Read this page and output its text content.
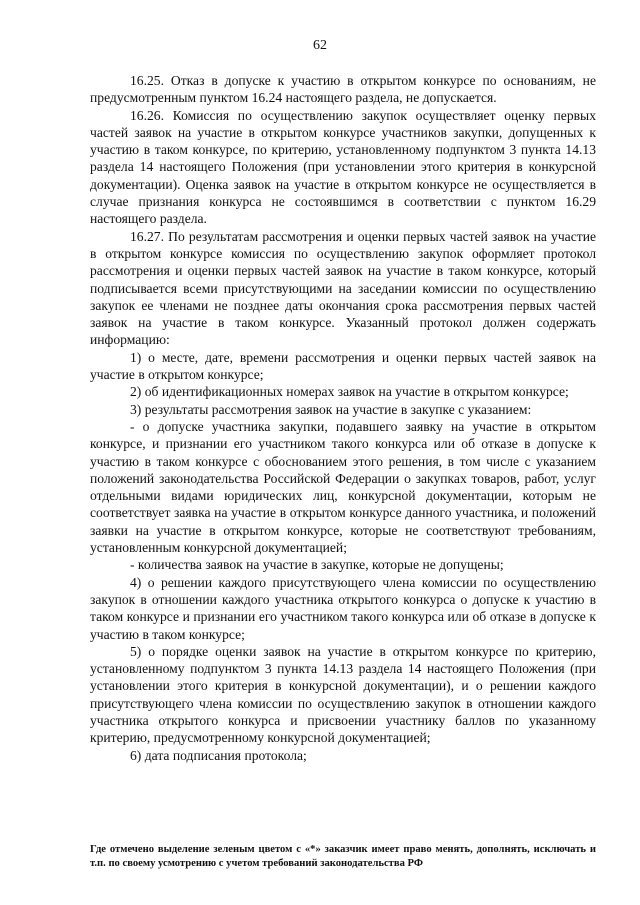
62

16.25. Отказ в допуске к участию в открытом конкурсе по основаниям, не предусмотренным пунктом 16.24 настоящего раздела, не допускается.

16.26. Комиссия по осуществлению закупок осуществляет оценку первых частей заявок на участие в открытом конкурсе участников закупки, допущенных к участию в таком конкурсе, по критерию, установленному подпунктом 3 пункта 14.13 раздела 14 настоящего Положения (при установлении этого критерия в конкурсной документации). Оценка заявок на участие в открытом конкурсе не осуществляется в случае признания конкурса не состоявшимся в соответствии с пунктом 16.29 настоящего раздела.

16.27. По результатам рассмотрения и оценки первых частей заявок на участие в открытом конкурсе комиссия по осуществлению закупок оформляет протокол рассмотрения и оценки первых частей заявок на участие в таком конкурсе, который подписывается всеми присутствующими на заседании комиссии по осуществлению закупок ее членами не позднее даты окончания срока рассмотрения первых частей заявок на участие в таком конкурсе. Указанный протокол должен содержать информацию:

1) о месте, дате, времени рассмотрения и оценки первых частей заявок на участие в открытом конкурсе;

2) об идентификационных номерах заявок на участие в открытом конкурсе;

3) результаты рассмотрения заявок на участие в закупке с указанием:

- о допуске участника закупки, подавшего заявку на участие в открытом конкурсе, и признании его участником такого конкурса или об отказе в допуске к участию в таком конкурсе с обоснованием этого решения, в том числе с указанием положений законодательства Российской Федерации о закупках товаров, работ, услуг отдельными видами юридических лиц, конкурсной документации, которым не соответствует заявка на участие в открытом конкурсе данного участника, и положений заявки на участие в открытом конкурсе, которые не соответствуют требованиям, установленным конкурсной документацией;

- количества заявок на участие в закупке, которые не допущены;

4) о решении каждого присутствующего члена комиссии по осуществлению закупок в отношении каждого участника открытого конкурса о допуске к участию в таком конкурсе и признании его участником такого конкурса или об отказе в допуске к участию в таком конкурсе;

5) о порядке оценки заявок на участие в открытом конкурсе по критерию, установленному подпунктом 3 пункта 14.13 раздела 14 настоящего Положения (при установлении этого критерия в конкурсной документации), и о решении каждого присутствующего члена комиссии по осуществлению закупок в отношении каждого участника открытого конкурса и присвоении участнику баллов по указанному критерию, предусмотренному конкурсной документацией;

6) дата подписания протокола;

Где отмечено выделение зеленым цветом с «*» заказчик имеет право менять, дополнять, исключать и т.п. по своему усмотрению с учетом требований законодательства РФ
